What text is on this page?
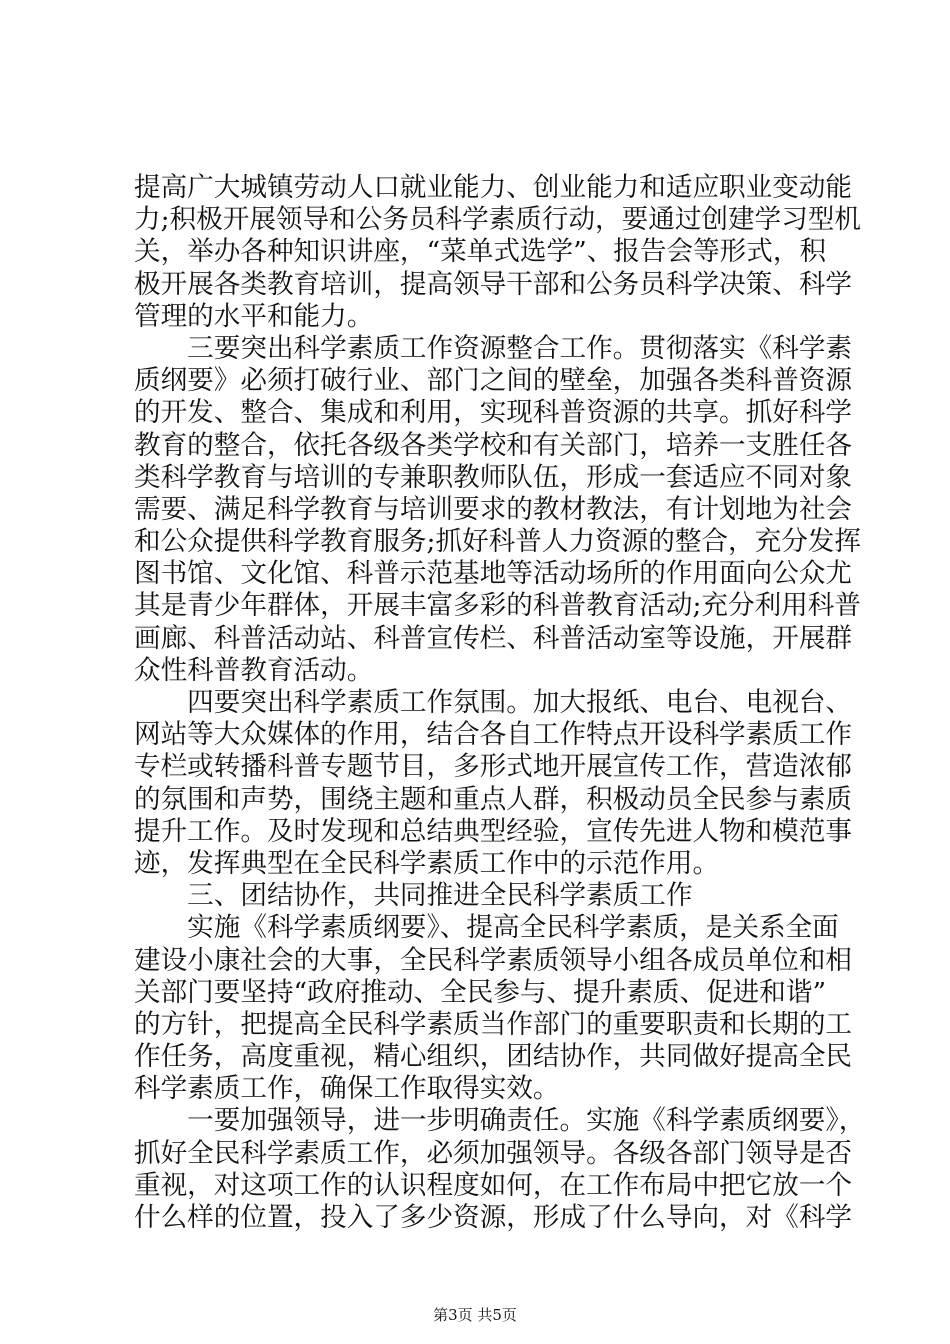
提高广大城镇劳动人口就业能力、创业能力和适应职业变动能
力;积极开展领导和公务员科学素质行动，要通过创建学习型机
关，举办各种知识讲座，“菜单式选学”、报告会等形式，积
极开展各类教育培训，提高领导干部和公务员科学决策、科学
管理的水平和能力。
　　三要突出科学素质工作资源整合工作。贯彻落实《科学素
质纲要》必须打破行业、部门之间的壁垒，加强各类科普资源
的开发、整合、集成和利用，实现科普资源的共享。抓好科学
教育的整合，依托各级各类学校和有关部门，培养一支胜任各
类科学教育与培训的专兼职教师队伍，形成一套适应不同对象
需要、满足科学教育与培训要求的教材教法，有计划地为社会
和公众提供科学教育服务;抓好科普人力资源的整合，充分发挥
图书馆、文化馆、科普示范基地等活动场所的作用面向公众尤
其是青少年群体，开展丰富多彩的科普教育活动;充分利用科普
画廊、科普活动站、科普宣传栏、科普活动室等设施，开展群
众性科普教育活动。
　　四要突出科学素质工作氛围。加大报纸、电台、电视台、
网站等大众媒体的作用，结合各自工作特点开设科学素质工作
专栏或转播科普专题节目，多形式地开展宣传工作，营造浓郁
的氛围和声势，围绕主题和重点人群，积极动员全民参与素质
提升工作。及时发现和总结典型经验，宣传先进人物和模范事
迹，发挥典型在全民科学素质工作中的示范作用。
　　三、团结协作，共同推进全民科学素质工作
　　实施《科学素质纲要》、提高全民科学素质，是关系全面
建设小康社会的大事，全民科学素质领导小组各成员单位和相
关部门要坚持“政府推动、全民参与、提升素质、促进和谐”
的方针，把提高全民科学素质当作部门的重要职责和长期的工
作任务，高度重视，精心组织，团结协作，共同做好提高全民
科学素质工作，确保工作取得实效。
　　一要加强领导，进一步明确责任。实施《科学素质纲要》，
抓好全民科学素质工作，必须加强领导。各级各部门领导是否
重视，对这项工作的认识程度如何，在工作布局中把它放一个
什么样的位置，投入了多少资源，形成了什么导向，对《科学
第3页 共5页
